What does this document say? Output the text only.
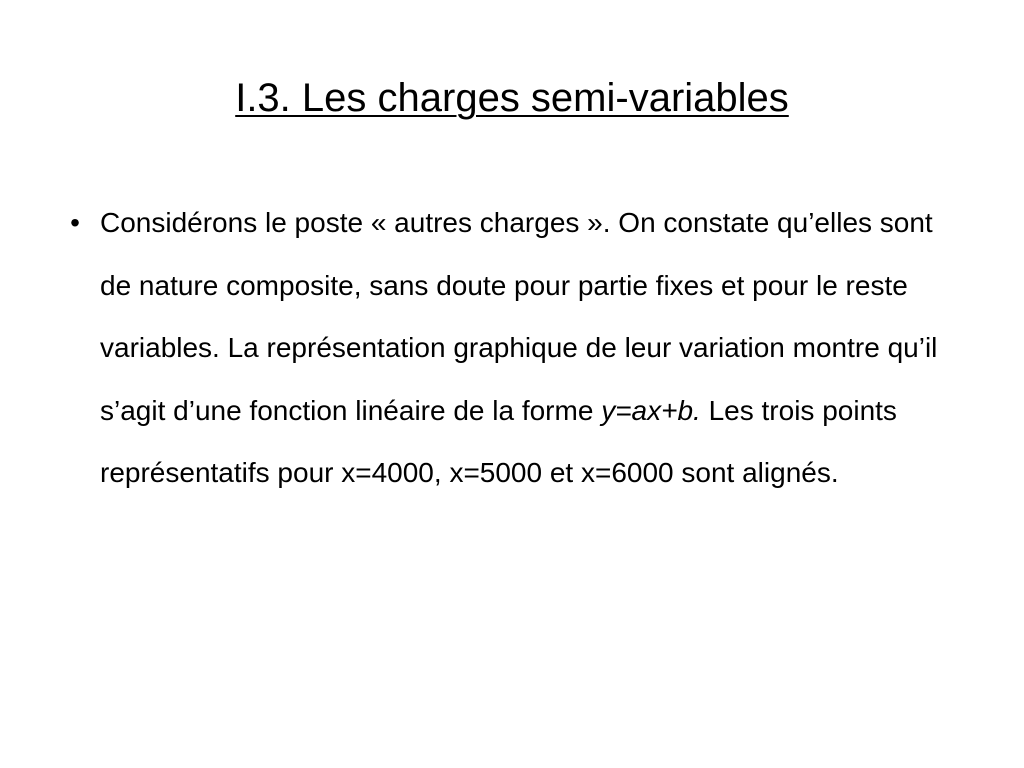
I.3. Les charges semi-variables
• Considérons le poste « autres charges ». On constate qu’elles sont de nature composite, sans doute pour partie fixes et pour le reste variables. La représentation graphique de leur variation montre qu’il s’agit d’une fonction linéaire de la forme y=ax+b. Les trois points représentatifs pour x=4000, x=5000 et x=6000 sont alignés.
